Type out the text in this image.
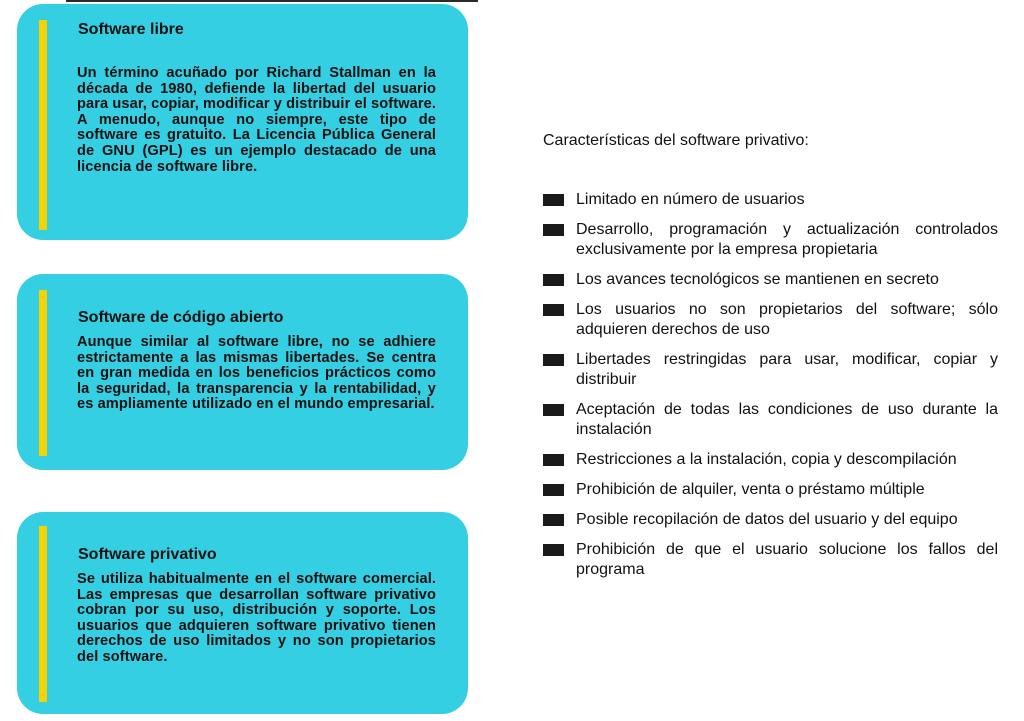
Software libre
Un término acuñado por Richard Stallman en la década de 1980, defiende la libertad del usuario para usar, copiar, modificar y distribuir el software. A menudo, aunque no siempre, este tipo de software es gratuito. La Licencia Pública General de GNU (GPL) es un ejemplo destacado de una licencia de software libre.
Software de código abierto
Aunque similar al software libre, no se adhiere estrictamente a las mismas libertades. Se centra en gran medida en los beneficios prácticos como la seguridad, la transparencia y la rentabilidad, y es ampliamente utilizado en el mundo empresarial.
Software privativo
Se utiliza habitualmente en el software comercial. Las empresas que desarrollan software privativo cobran por su uso, distribución y soporte. Los usuarios que adquieren software privativo tienen derechos de uso limitados y no son propietarios del software.
Características del software privativo:
Limitado en número de usuarios
Desarrollo, programación y actualización controlados exclusivamente por la empresa propietaria
Los avances tecnológicos se mantienen en secreto
Los usuarios no son propietarios del software; sólo adquieren derechos de uso
Libertades restringidas para usar, modificar, copiar y distribuir
Aceptación de todas las condiciones de uso durante la instalación
Restricciones a la instalación, copia y descompilación
Prohibición de alquiler, venta o préstamo múltiple
Posible recopilación de datos del usuario y del equipo
Prohibición de que el usuario solucione los fallos del programa
